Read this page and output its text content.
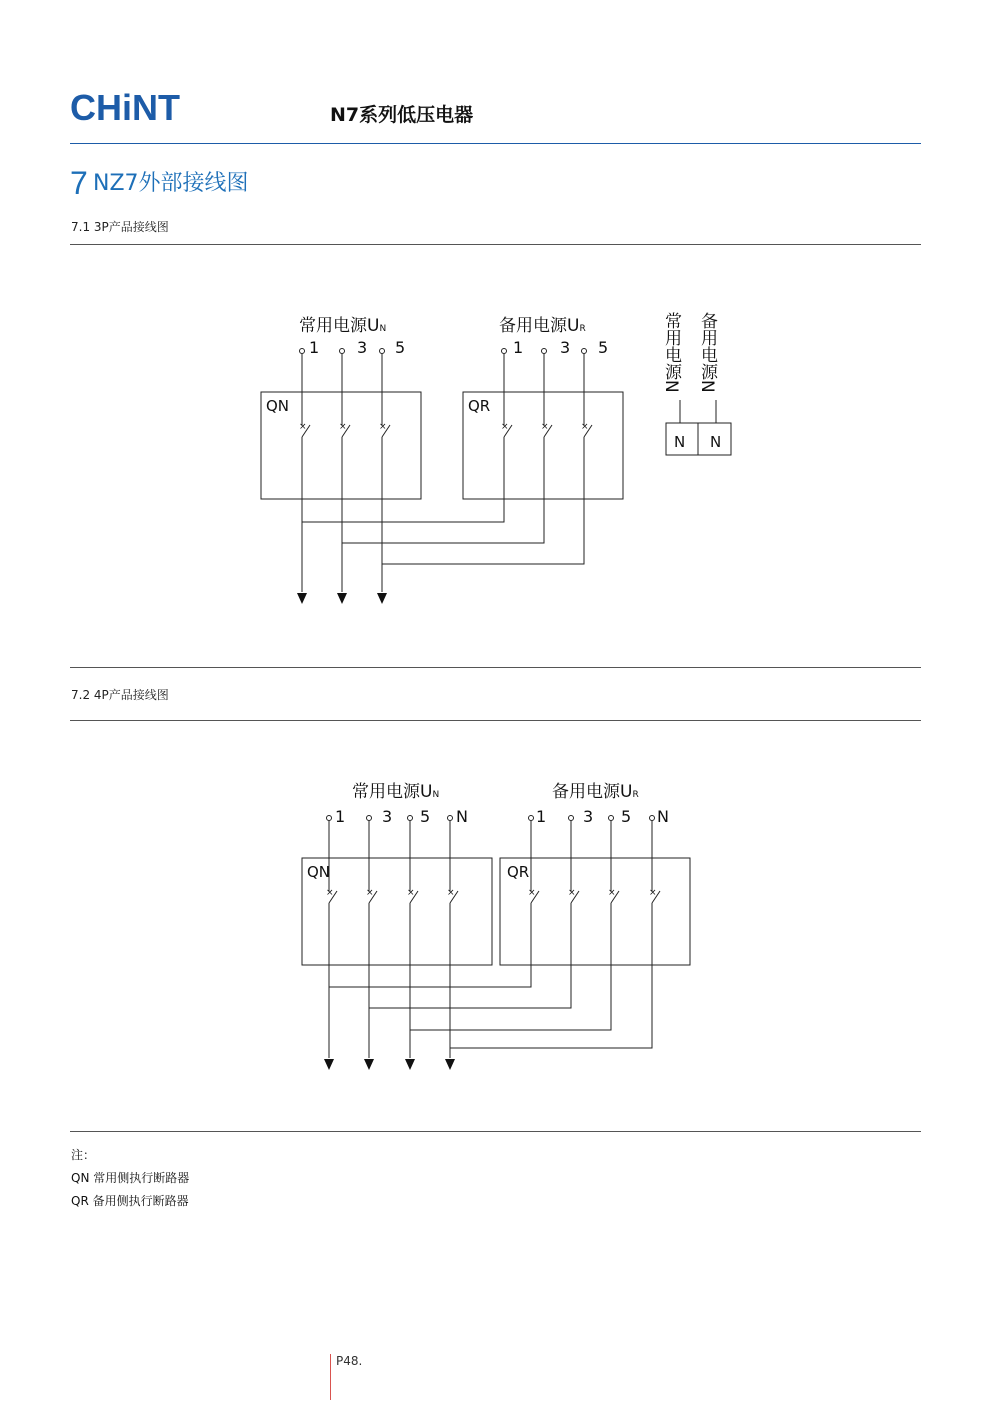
CHiNT	N7系列低压电器
7 NZ7外部接线图
7.1 3P产品接线图
×	×	×	×	×	×
常用电源UN	备用电源UR
1 3 5	1 3 5
QN	QR
N N
常用电源N 备用电源N
×	×	×	×	×	×	×	×
常用电源UN	备用电源UR
1 3 5 N	1 3 5 N
QN	QR
7.2 4P产品接线图
注：
QN 常用侧执行断路器
QR 备用侧执行断路器
P48.
